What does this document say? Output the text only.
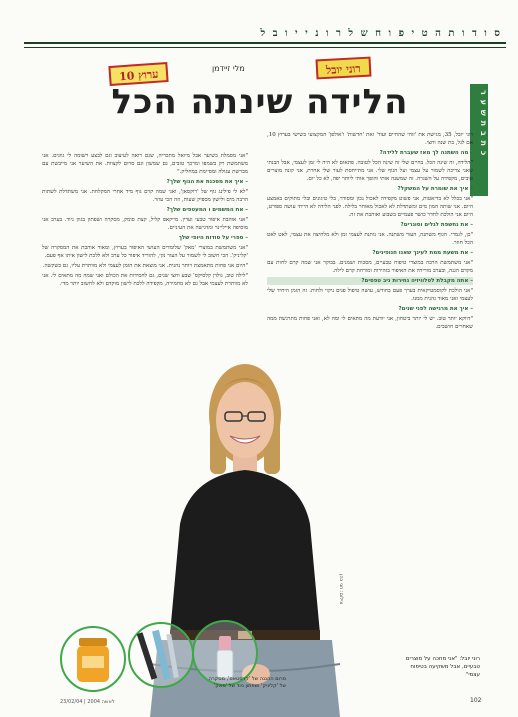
ס ו ד ו ת ה ט י פ ו ח ש ל ר ו נ י י ו ב ל
רוני יובל
מלי זיידמן
ערוץ 10
הלידה שינתה הכל	כ ת ב ת ש ע ר

רוני יובל, 35, מגישת את 'זוהי שהחיים ועוד' זאת 'חדשות' ו'אולפן' המקצועי בשישי בערוץ 10, אם לגל, בת שנה וחצי.

– מה השתנה לך מאז שעברת ללידה?

"הלידה, זה שינה הכל. בחיים שלי זה שינה הכל לטובה. פתאום לא היה לי זמן לעצמי, אבל הבנתי שאני צריכה לשמור על עצמי ועל הגוף שלי. אני מתייחסת לעור שלי אחרת, אני קונה מוצרים טובים, מקפידה על השגרה. זה שמשנה אותי והופך אותי ליותר יפה, לא כל יום.

– איך את שומרת על המשקל?

"אני בכלל לא בדיאטות, אני פשוט מקפידה לאכול נכון ומסודר, בלי טיגונים ובלי מתוקים באמצע היום. אני שותה המון מים ומשתדלת לא לאכול מאוחר בלילה. לפני הלידה לא הייתי עושה ספורט, היום אני הולכת לחדר כושר פעמיים בשבוע ואוהבת את זה.

– את נחשפת לגלים וסוגרים?

"כן, לגמרי. הגוף משתנה, העור משתנה. אני נותנת לעצמי זמן ולא מלחיצה את עצמי, לאט לאט הכל חוזר.

– את משעת ממת לעינך שאנו חנופינים?

"אני משתמשת הרבה במוצרי טיפוח טבעיים, מסכות ושמנים. בבוקר אני שמה קרם לחות עם מקדם הגנה, ובערב מורידה את האיפור בזהירות ומורחת קרם לילה.

– אתה מקבלת לטלוויזיה נחירות ניב טפסים?

"אני הולכת לקוסמטיקאית בערך פעם בחודש, עושה טיפול פנים ניקוי ולחות. זה הזמן היחיד שלי לעצמי ואני מאוד נהנית ממנו.

– איך את מרגישה לפני שנים?

"דווקא יותר טוב. יש לי יותר ביטחון, אני יודעת מה מתאים לי ומה לא, ואני פחות מתרגשת ממה שאחרים חושבים.

"אני מסמלת בשיער אבל מיואל מתכריה, שגם רואה לעיצוב וגם לבצע רשומה לי גוונים. אני משתמשת רק בשמפו ומרכך טובים, גם שמשון וגם סרום לקצוות. את השיער אני מייבשת עם מברשת עגולה ומסיימת במחליק."

– איך את מסכנת את הגוף שלך?

"לא לי פילינג גוף של 'רוקסאן', ואני שמה קרם גוף מיד אחרי המקלחת. אני משתדלת לשתות הרבה מים ולישון מספיק שעות, וזה הכי עוזר.

– את המשמים ו המעטפים שלך?

"אני אוהבת איפור טבעי ועדין. מייקאפ קליל, קצת סומק, מסקרה ושפתון בגוון ניוד. בערב אני מוסיפה אייליינר ומדגישה את העיניים.

– ספרי על סודות היופי שלך

"אני משתמשת במוצרי 'מאק' שלומדים העושי האיפור בערוץ, ומאוד אוהבת את המסקרה של 'קליניק'. הכי חשוב לי לשמור על העור נקי, להוריד איפור כל ערב ולא ללכת לישון איתו אף פעם.

"היום אני פחות מתאמצת ויותר נהנית. אני מוצאת את הזמן לעצמי ולא מוותרת עליו, גם כשקשה.

"לילה טוב, גולדן קלסיקס' שבע וחצי שנים, גם לחסידות את הכולם ואני שמה מה מתאים לי. אני לא מוותרת לעצמי אבל גם לא מחמירה, מקפידה ללכת לישון מוקדם ולא לחשוב יותר מדי.

צילום: חגי כהן
סרום ההגנה של 'קרסטאס', מסקרה של 'קליניק' ושפתון ניוד של 'מאק'
רוני יובל: "אני מחכה על מוצרים טבעיים, אבל משקיעה בטיפוח עצמי"
לאשה 2004 | 23/02/04	102
